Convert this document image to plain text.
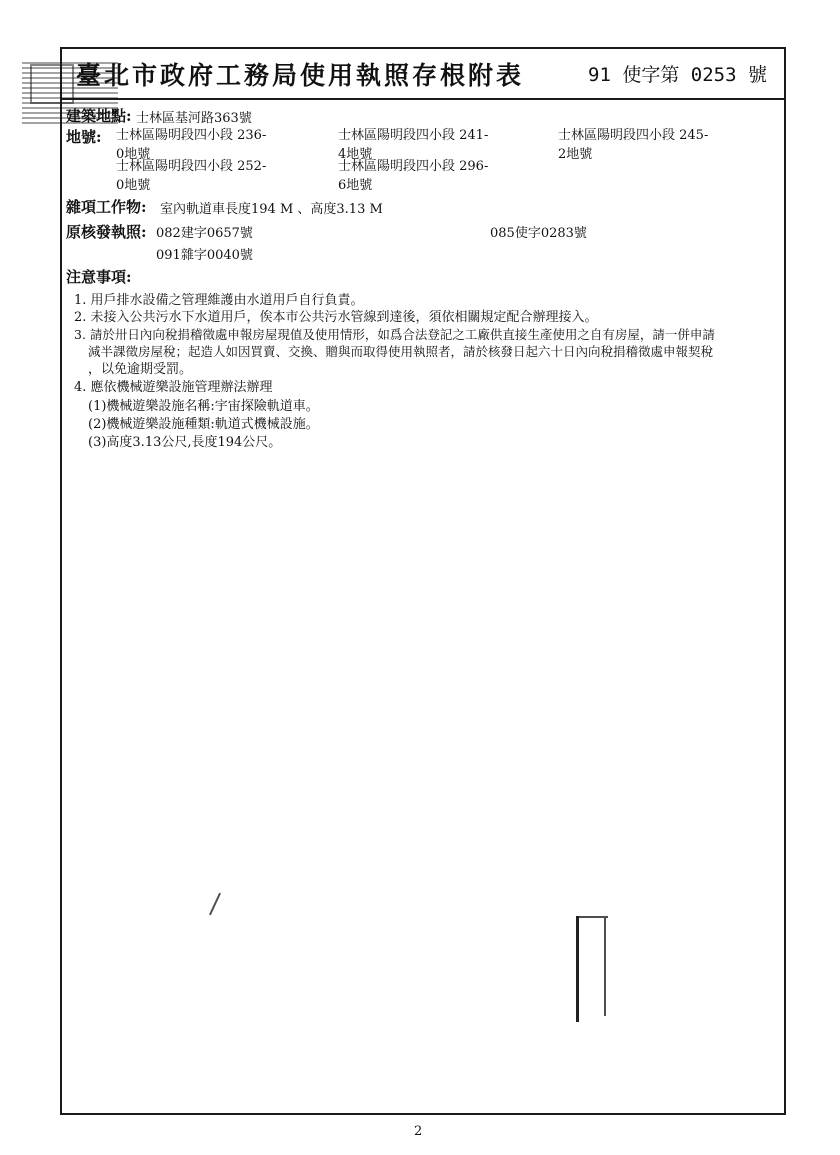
臺北市政府工務局使用執照存根附表	91 使字第 0253 號
建築地點: 士林區基河路363號
地號: 士林區陽明段四小段 236-
0地號
士林區陽明段四小段 241-
4地號
士林區陽明段四小段 245-
2地號
士林區陽明段四小段 252-
0地號
士林區陽明段四小段 296-
6地號
雜項工作物: 室內軌道車長度194 M 、高度3.13 M
原核發執照: 082建字0657號	085使字0283號
091雜字0040號
注意事項:
1. 用戶排水設備之管理維護由水道用戶自行負責。
2. 未接入公共污水下水道用戶，俟本市公共污水管線到達後，須依相關規定配合辦理接入。
3. 請於卅日內向稅捐稽徵處申報房屋現值及使用情形，如爲合法登記之工廠供直接生產使用之自有房屋，請一併申請
減半課徵房屋稅；起造人如因買賣、交換、贈與而取得使用執照者，請於核發日起六十日內向稅捐稽徵處申報契稅
，以免逾期受罰。
4. 應依機械遊樂設施管理辦法辦理
(1)機械遊樂設施名稱:宇宙探險軌道車。
(2)機械遊樂設施種類:軌道式機械設施。
(3)高度3.13公尺,長度194公尺。
2
